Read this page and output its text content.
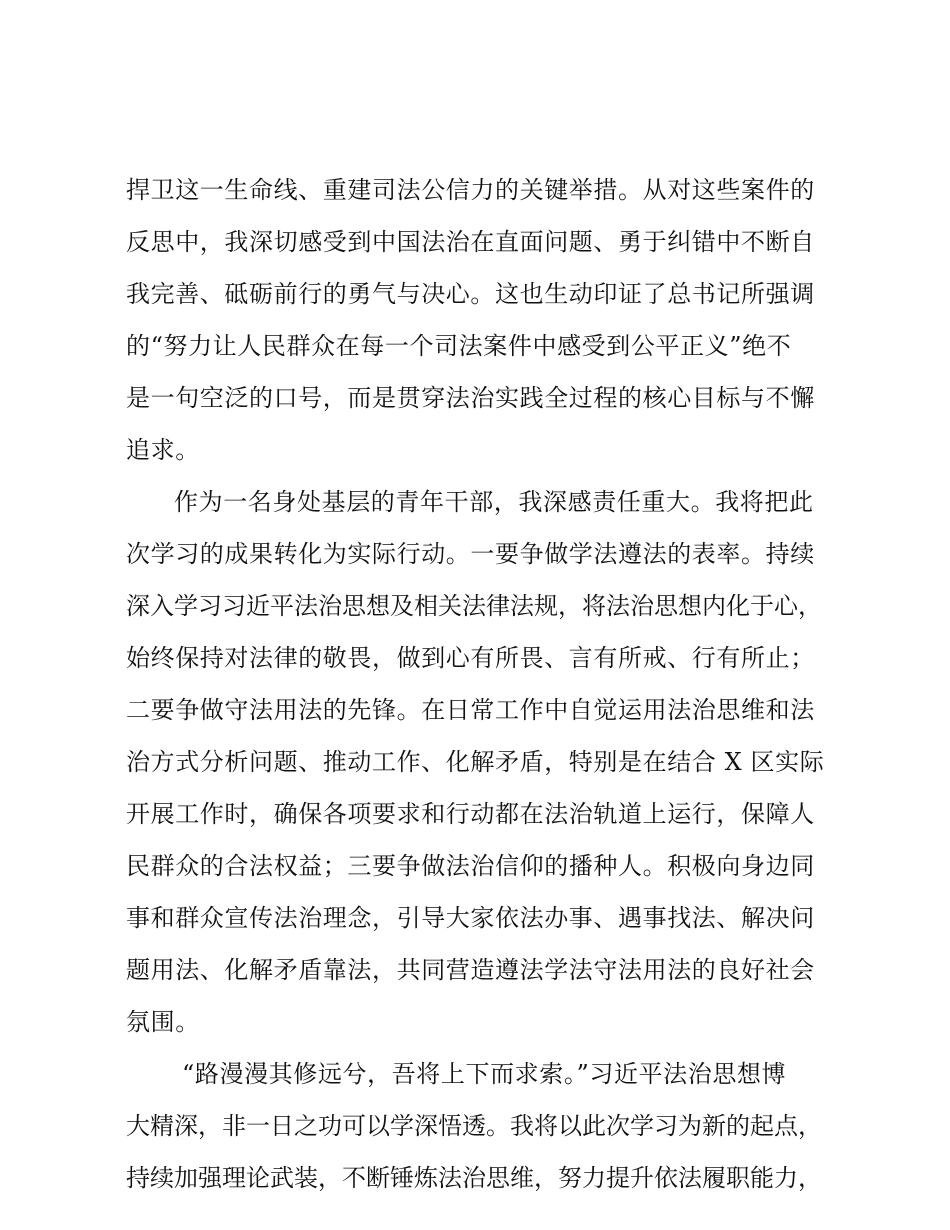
捍卫这一生命线、重建司法公信力的关键举措。从对这些案件的
反思中，我深切感受到中国法治在直面问题、勇于纠错中不断自
我完善、砥砺前行的勇气与决心。这也生动印证了总书记所强调
的“努力让人民群众在每一个司法案件中感受到公平正义”绝不
是一句空泛的口号，而是贯穿法治实践全过程的核心目标与不懈
追求。
作为一名身处基层的青年干部，我深感责任重大。我将把此
次学习的成果转化为实际行动。一要争做学法遵法的表率。持续
深入学习习近平法治思想及相关法律法规，将法治思想内化于心，
始终保持对法律的敬畏，做到心有所畏、言有所戒、行有所止；
二要争做守法用法的先锋。在日常工作中自觉运用法治思维和法
治方式分析问题、推动工作、化解矛盾，特别是在结合 X 区实际
开展工作时，确保各项要求和行动都在法治轨道上运行，保障人
民群众的合法权益；三要争做法治信仰的播种人。积极向身边同
事和群众宣传法治理念，引导大家依法办事、遇事找法、解决问
题用法、化解矛盾靠法，共同营造遵法学法守法用法的良好社会
氛围。
“路漫漫其修远兮，吾将上下而求索。”习近平法治思想博
大精深，非一日之功可以学深悟透。我将以此次学习为新的起点，
持续加强理论武装，不断锤炼法治思维，努力提升依法履职能力，
